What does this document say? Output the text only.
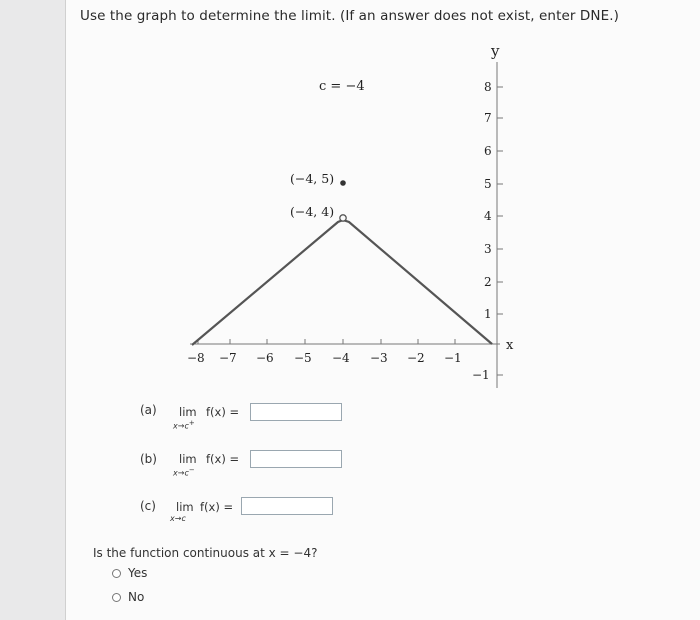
Use the graph to determine the limit. (If an answer does not exist, enter DNE.)
−8 −7 −6 −5 −4 −3 −2 −1
8
7
6
5
4
3
2
1
−1
c = −4
(−4, 5)
(−4, 4)
y
x
(a) lim
x→c+
f(x) =
(b) lim
x→c−
f(x) =
(c) lim
x→c
f(x) =
Is the function continuous at x = −4?
Yes
No
